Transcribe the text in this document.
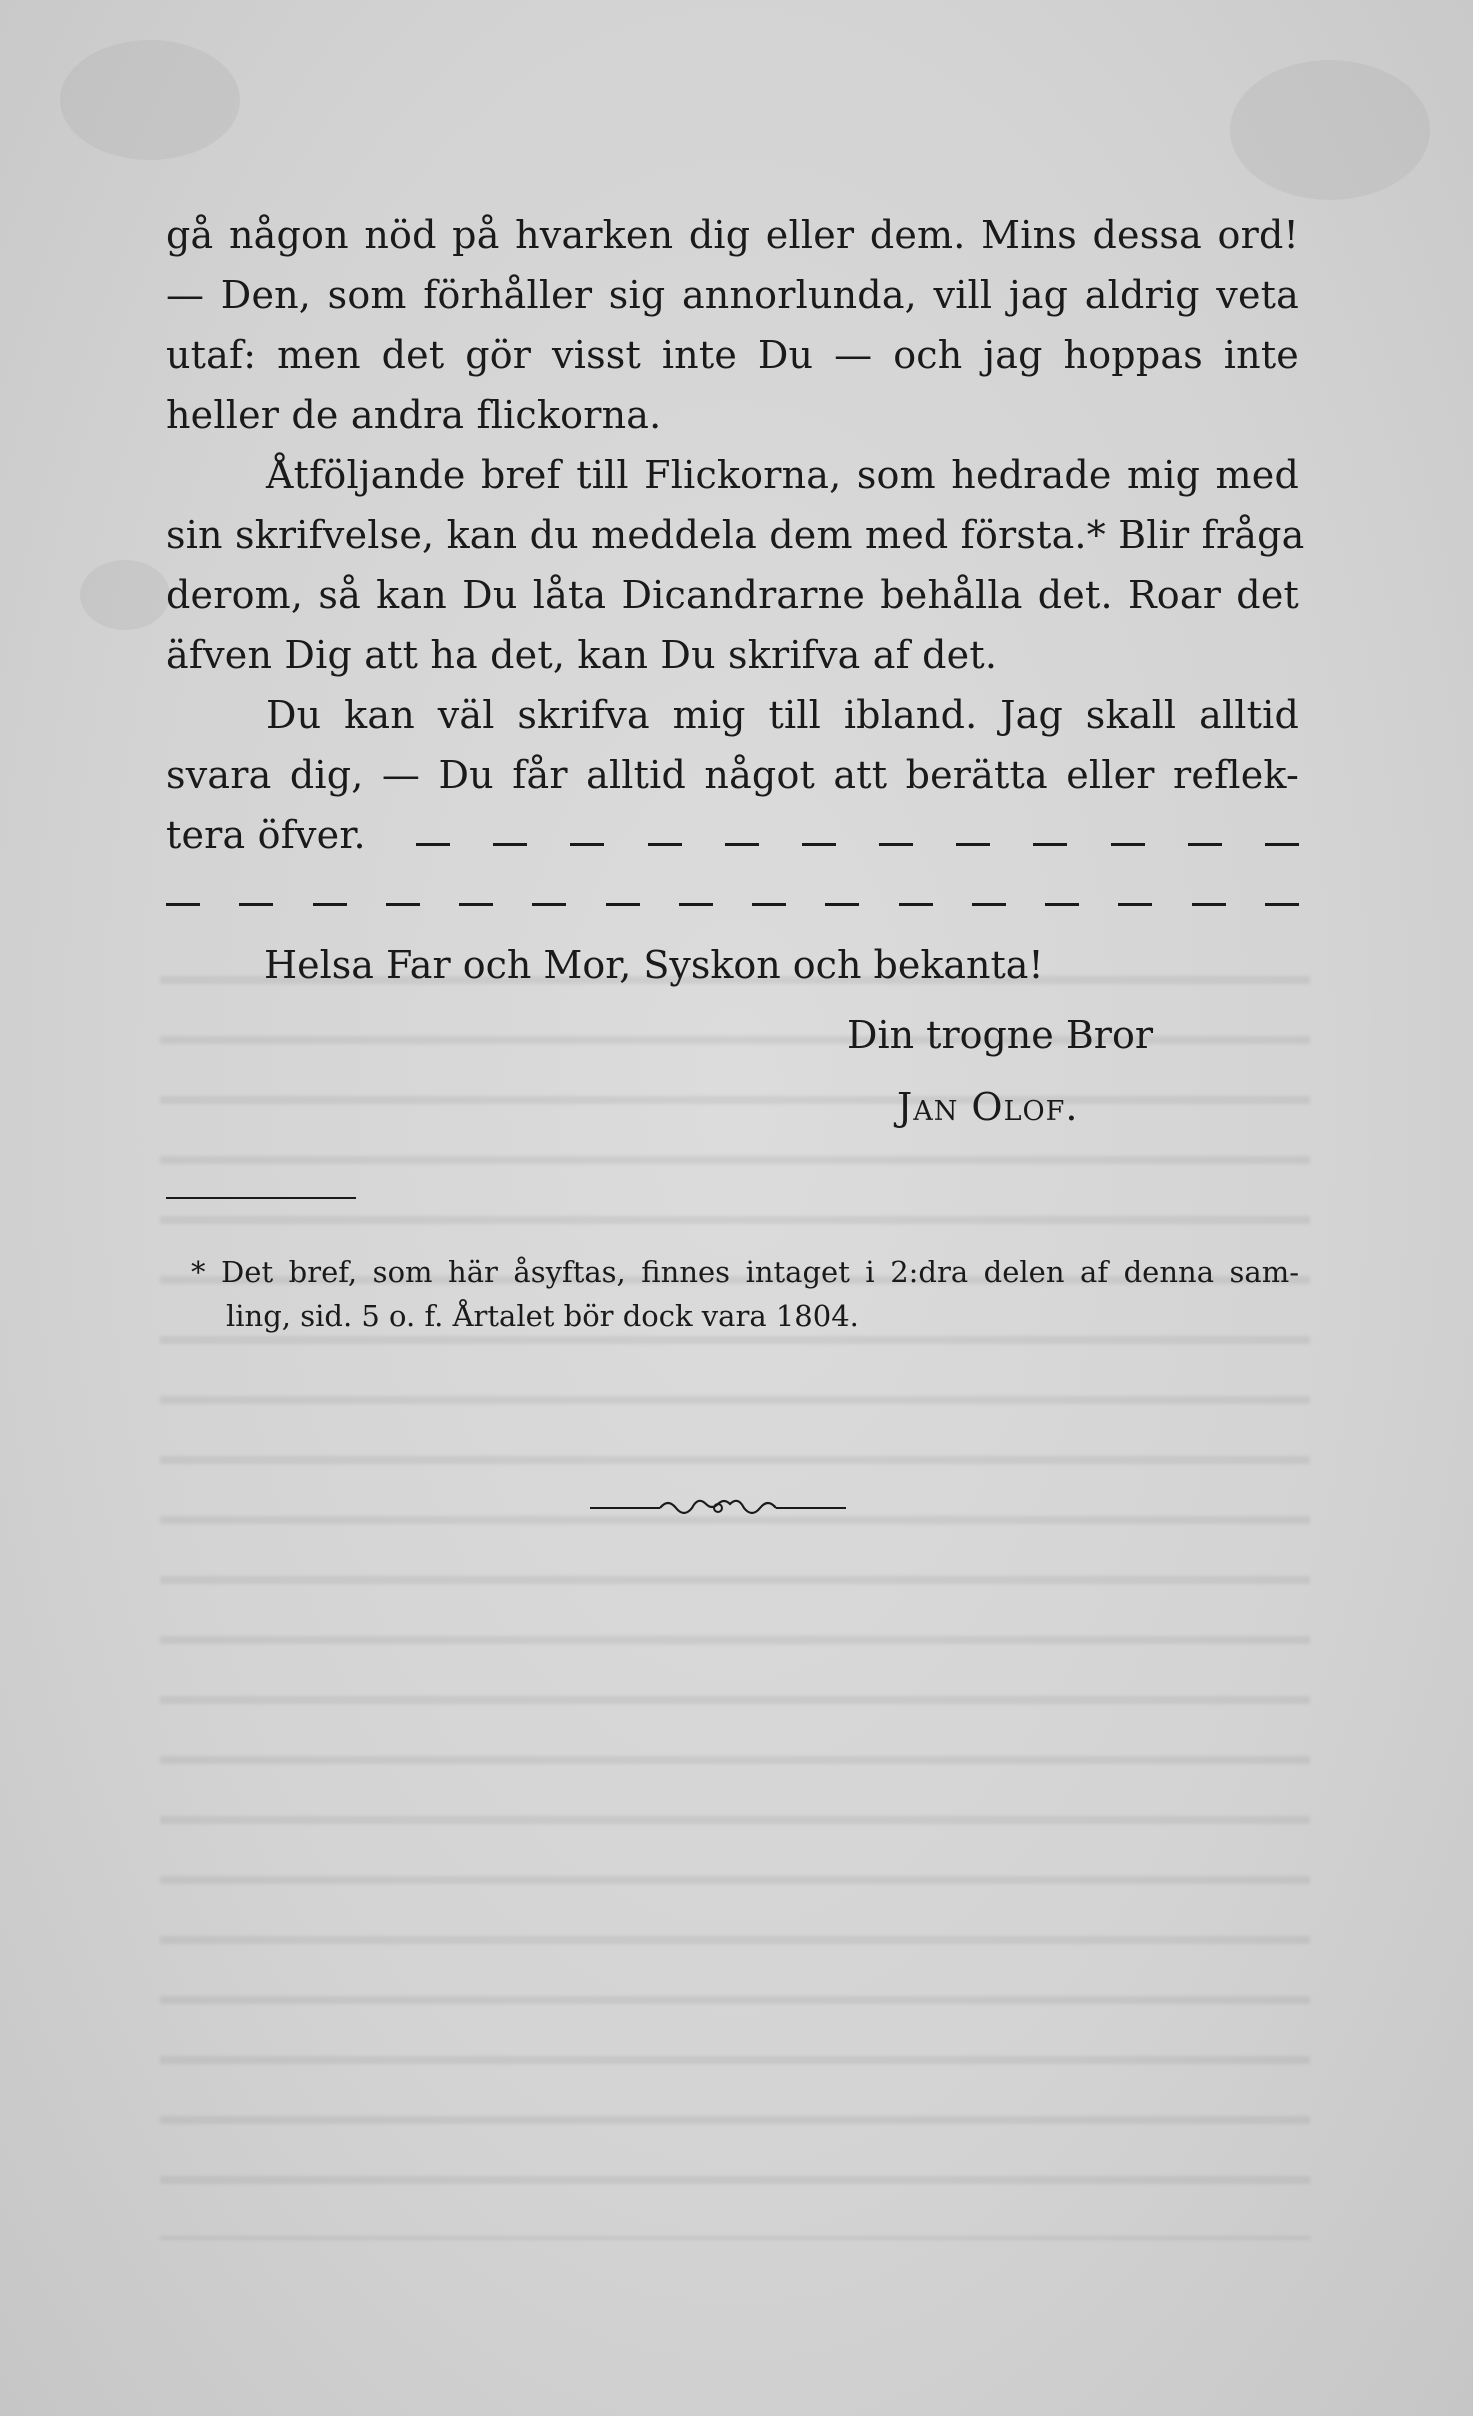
gå någon nöd på hvarken dig eller dem. Mins dessa ord!
— Den, som förhåller sig annorlunda, vill jag aldrig veta
utaf: men det gör visst inte Du — och jag hoppas inte
heller de andra flickorna.
Åtföljande bref till Flickorna, som hedrade mig med
sin skrifvelse, kan du meddela dem med första.* Blir fråga
derom, så kan Du låta Dicandrarne behålla det. Roar det
äfven Dig att ha det, kan Du skrifva af det.
Du kan väl skrifva mig till ibland. Jag skall alltid
svara dig, — Du får alltid något att berätta eller reflek-
tera öfver.
Helsa Far och Mor, Syskon och bekanta!
Din trogne Bror
Jan Olof.
* Det bref, som här åsyftas, finnes intaget i 2:dra delen af denna sam-
ling, sid. 5 o. f. Årtalet bör dock vara 1804.
